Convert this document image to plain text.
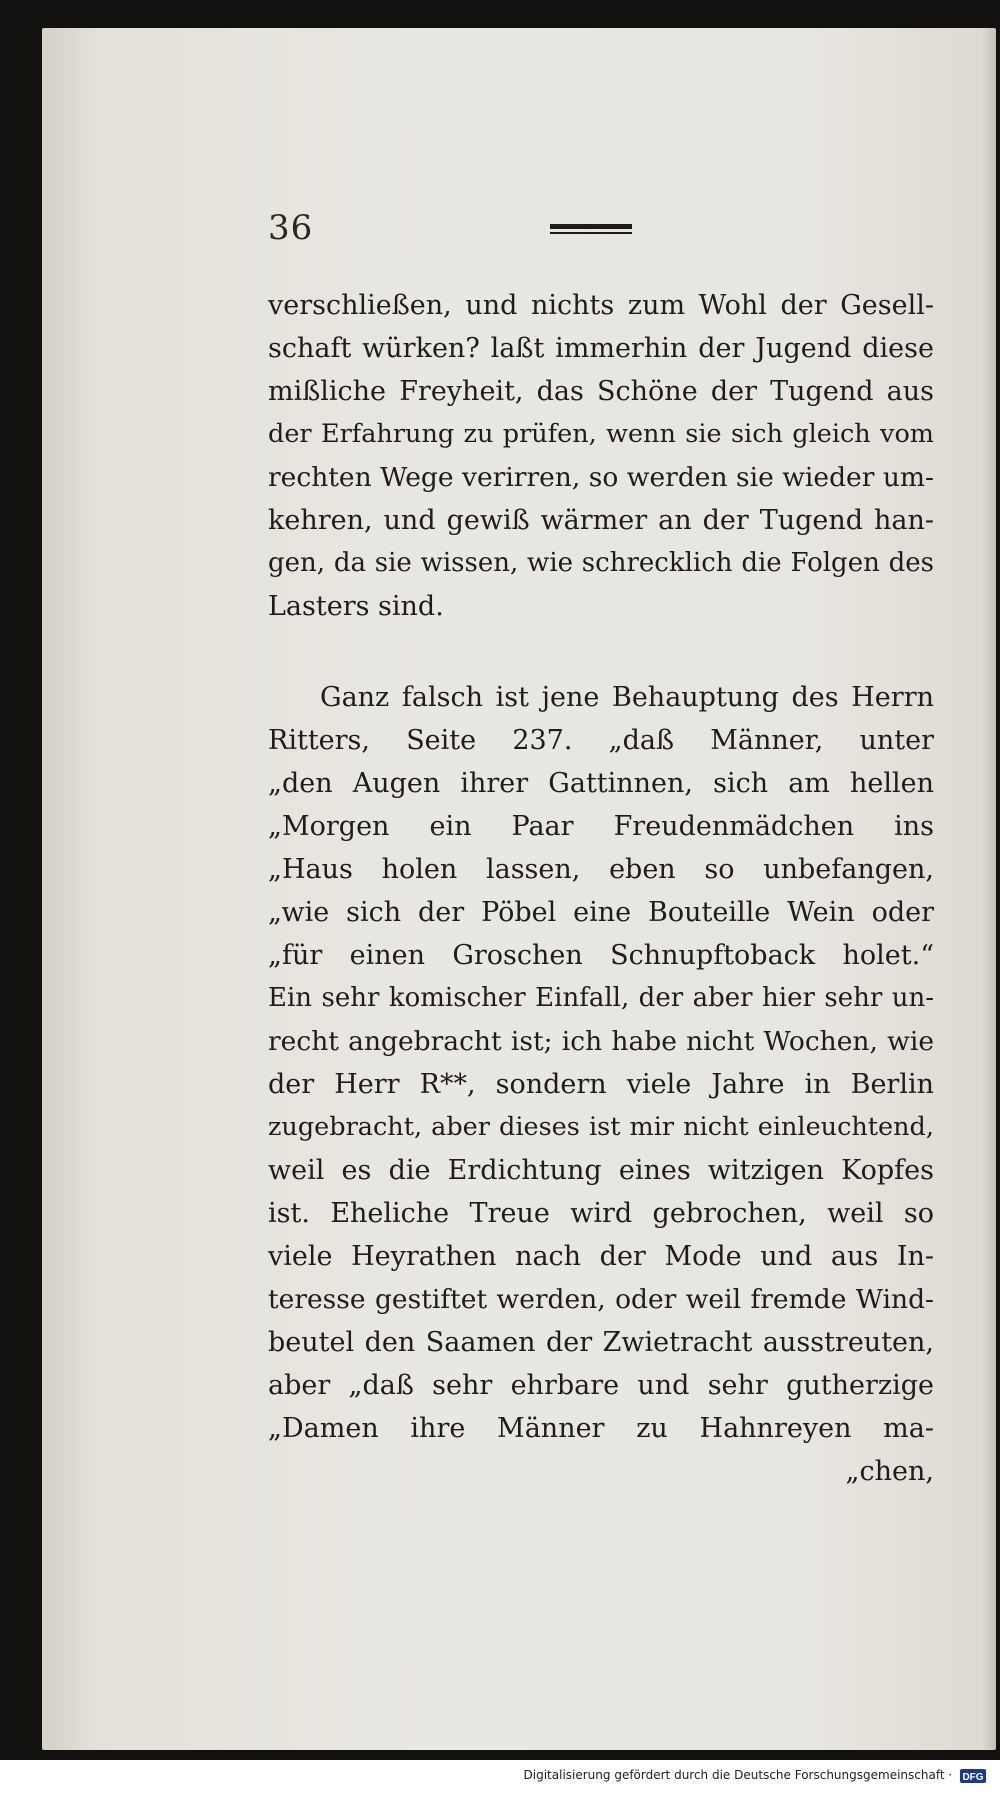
36
verschließen, und nichts zum Wohl der Gesell-
schaft würken? laßt immerhin der Jugend diese
mißliche Freyheit, das Schöne der Tugend aus
der Erfahrung zu prüfen, wenn sie sich gleich vom
rechten Wege verirren, so werden sie wieder um-
kehren, und gewiß wärmer an der Tugend han-
gen, da sie wissen, wie schrecklich die Folgen des
Lasters sind.
Ganz falsch ist jene Behauptung des Herrn
Ritters, Seite 237. „daß Männer, unter
„den Augen ihrer Gattinnen, sich am hellen
„Morgen ein Paar Freudenmädchen ins
„Haus holen lassen, eben so unbefangen,
„wie sich der Pöbel eine Bouteille Wein oder
„für einen Groschen Schnupftoback holet.“
Ein sehr komischer Einfall, der aber hier sehr un-
recht angebracht ist; ich habe nicht Wochen, wie
der Herr R**, sondern viele Jahre in Berlin
zugebracht, aber dieses ist mir nicht einleuchtend,
weil es die Erdichtung eines witzigen Kopfes
ist. Eheliche Treue wird gebrochen, weil so
viele Heyrathen nach der Mode und aus In-
teresse gestiftet werden, oder weil fremde Wind-
beutel den Saamen der Zwietracht ausstreuten,
aber „daß sehr ehrbare und sehr gutherzige
„Damen ihre Männer zu Hahnreyen ma-
„chen,
Digitalisierung gefördert durch die Deutsche Forschungsgemeinschaft · DFG
